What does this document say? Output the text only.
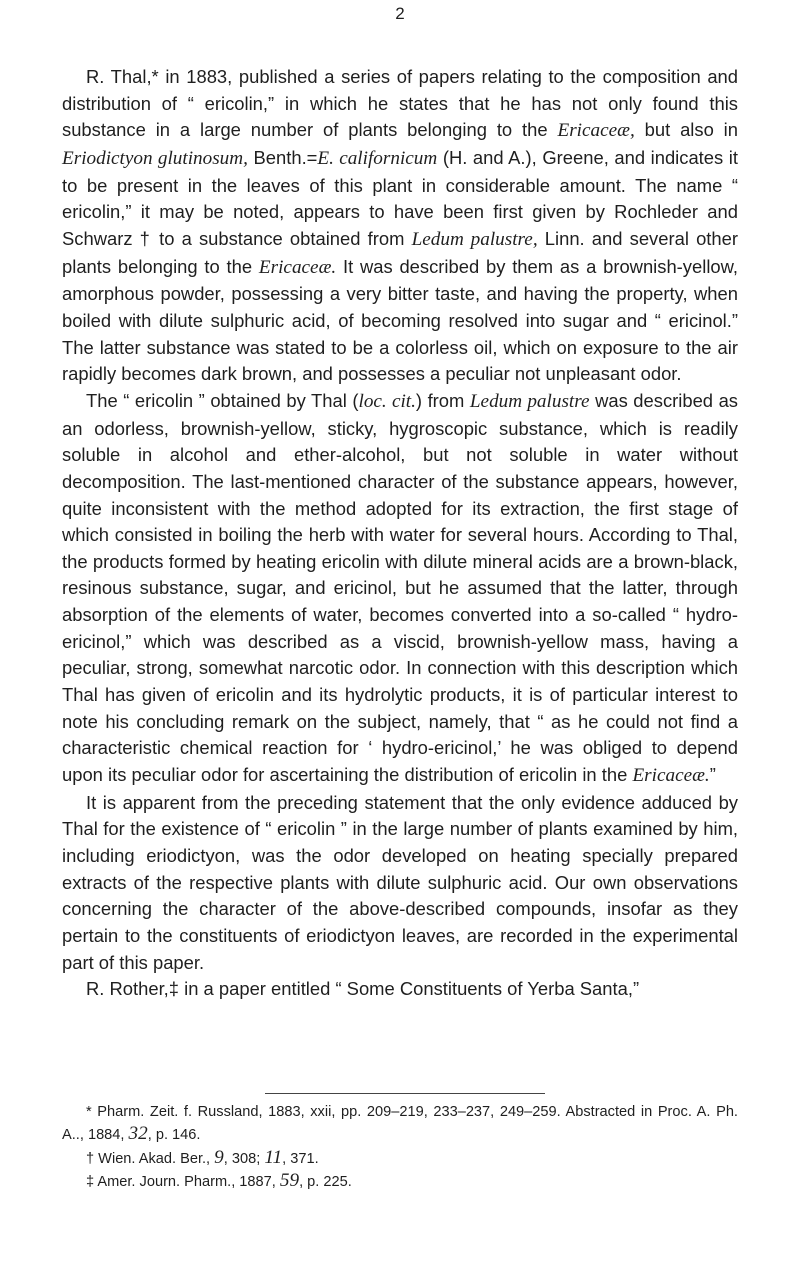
2

R. Thal,* in 1883, published a series of papers relating to the composition and distribution of “ ericolin,” in which he states that he has not only found this substance in a large number of plants belonging to the Ericaceæ, but also in Eriodictyon glutinosum, Benth.=E. californicum (H. and A.), Greene, and indicates it to be present in the leaves of this plant in considerable amount. The name “ ericolin,” it may be noted, appears to have been first given by Rochleder and Schwarz † to a substance obtained from Ledum palustre, Linn. and several other plants belonging to the Ericaceæ. It was described by them as a brownish-yellow, amorphous powder, possessing a very bitter taste, and having the property, when boiled with dilute sulphuric acid, of becoming resolved into sugar and “ ericinol.” The latter substance was stated to be a colorless oil, which on exposure to the air rapidly becomes dark brown, and possesses a peculiar not unpleasant odor.

The “ ericolin ” obtained by Thal (loc. cit.) from Ledum palustre was described as an odorless, brownish-yellow, sticky, hygroscopic substance, which is readily soluble in alcohol and ether-alcohol, but not soluble in water without decomposition. The last-mentioned character of the substance appears, however, quite inconsistent with the method adopted for its extraction, the first stage of which consisted in boiling the herb with water for several hours. According to Thal, the products formed by heating ericolin with dilute mineral acids are a brown-black, resinous substance, sugar, and ericinol, but he assumed that the latter, through absorption of the elements of water, becomes converted into a so-called “ hydro-ericinol,” which was described as a viscid, brownish-yellow mass, having a peculiar, strong, somewhat narcotic odor. In connection with this description which Thal has given of ericolin and its hydrolytic products, it is of particular interest to note his concluding remark on the subject, namely, that “ as he could not find a characteristic chemical reaction for ‘ hydro-ericinol,’ he was obliged to depend upon its peculiar odor for ascertaining the distribution of ericolin in the Ericaceæ.”

It is apparent from the preceding statement that the only evidence adduced by Thal for the existence of “ ericolin ” in the large number of plants examined by him, including eriodictyon, was the odor developed on heating specially prepared extracts of the respective plants with dilute sulphuric acid. Our own observations concerning the character of the above-described compounds, insofar as they pertain to the constituents of eriodictyon leaves, are recorded in the experimental part of this paper.

R. Rother,‡ in a paper entitled “ Some Constituents of Yerba Santa,”

* Pharm. Zeit. f. Russland, 1883, xxii, pp. 209–219, 233–237, 249–259. Abstracted in Proc. A. Ph. A.., 1884, 32, p. 146.

† Wien. Akad. Ber., 9, 308; 11, 371.

‡ Amer. Journ. Pharm., 1887, 59, p. 225.
